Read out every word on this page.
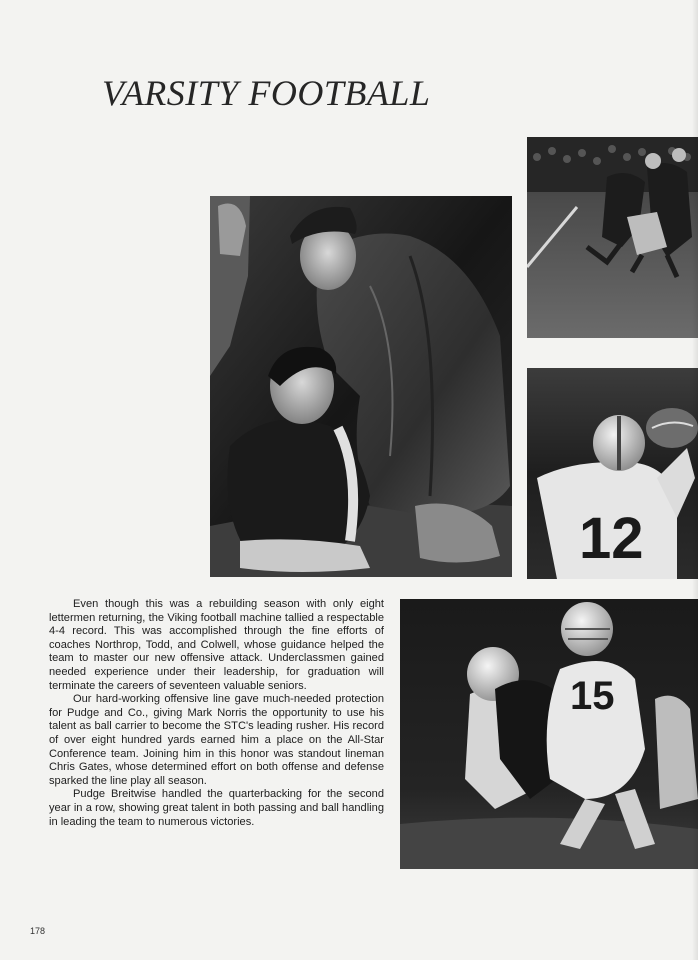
VARSITY FOOTBALL
12
15

Even though this was a rebuilding season with only eight lettermen returning, the Viking football machine tallied a respectable 4-4 record. This was accomplished through the fine efforts of coaches Northrop, Todd, and Colwell, whose guidance helped the team to master our new offensive attack. Underclassmen gained needed experience under their leadership, for graduation will terminate the careers of seventeen valuable seniors.

Our hard-working offensive line gave much-needed protection for Pudge and Co., giving Mark Norris the opportunity to use his talent as ball carrier to become the STC's leading rusher. His record of over eight hundred yards earned him a place on the All-Star Conference team. Joining him in this honor was standout lineman Chris Gates, whose determined effort on both offense and defense sparked the line play all season.

Pudge Breitwise handled the quarterbacking for the second year in a row, showing great talent in both passing and ball handling in leading the team to numerous victories.

178
